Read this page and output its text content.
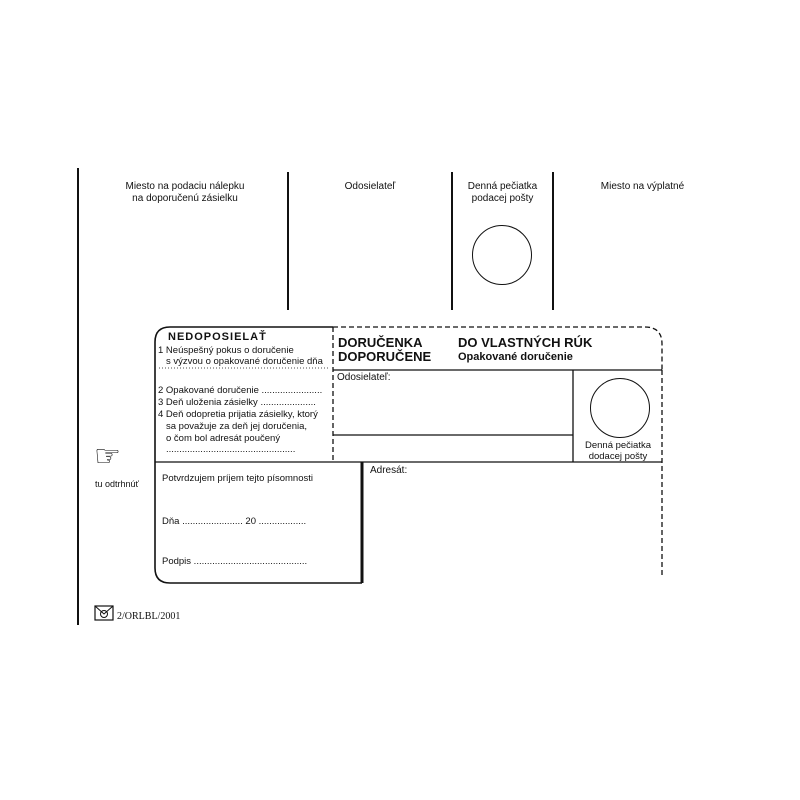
Miesto na podaciu nálepku
na doporučenú zásielku
Odosielateľ	Denná pečiatka
podacej pošty
Miesto na výplatné
NEDOPOSIELAŤ
1 Neúspešný pokus o doručenie
s výzvou o opakované doručenie dňa
2 Opakované doručenie .......................
3 Deň uloženia zásielky .....................
4 Deň odopretia prijatia zásielky, ktorý
sa považuje za deň jej doručenia,
o čom bol adresát poučený
.................................................
DORUČENKA
DOPORUČENE
DO VLASTNÝCH RÚK
Opakované doručenie
Odosielateľ:
Denná pečiatka
dodacej pošty
Potvrdzujem príjem tejto písomnosti
Dňa ....................... 20 ..................
Podpis ...........................................
Adresát:
☞
tu odtrhnúť
2/ORLBL/2001
